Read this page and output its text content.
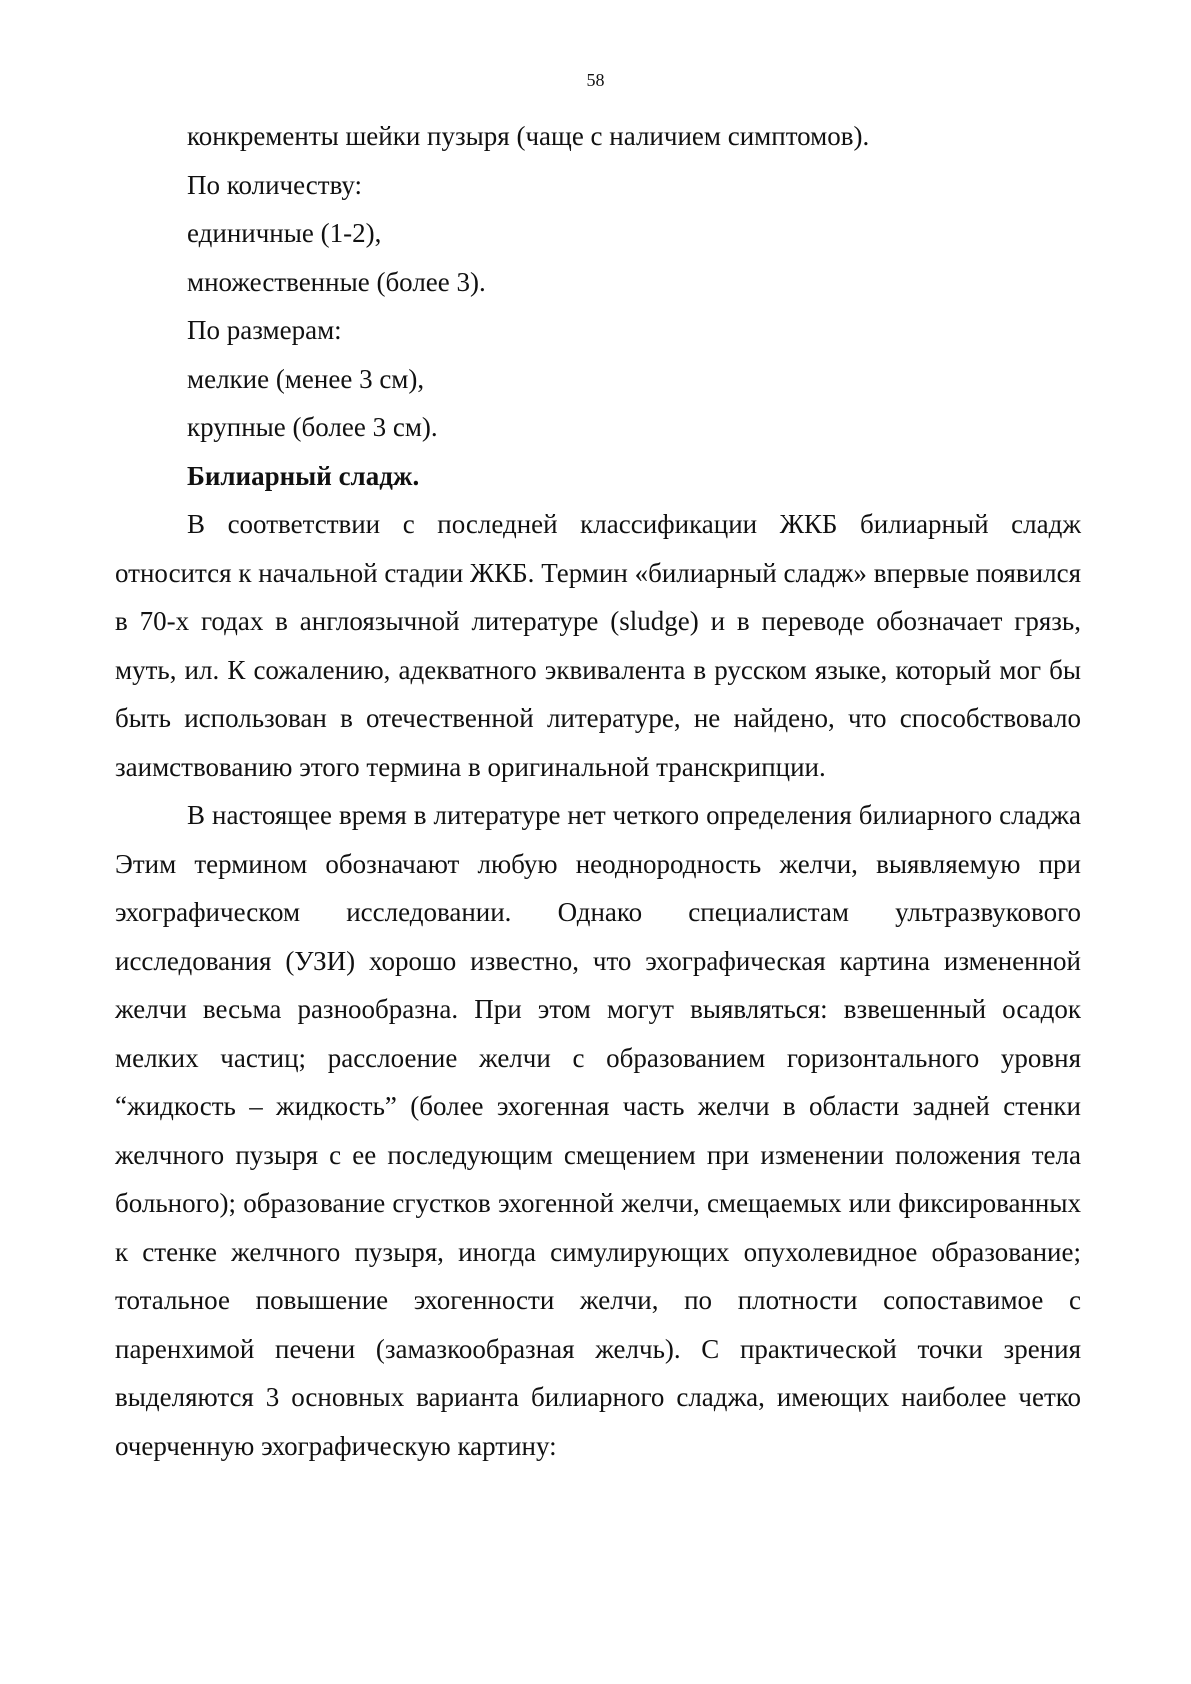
58

конкременты шейки пузыря (чаще с наличием симптомов).

По количеству:

единичные (1-2),

множественные (более 3).

По размерам:

мелкие (менее 3 см),

крупные (более 3 см).

Билиарный сладж.

В соответствии с последней классификации ЖКБ билиарный сладж относится к начальной стадии ЖКБ. Термин «билиарный сладж» впервые появился в 70-х годах в англоязычной литературе (sludge) и в переводе обозначает грязь, муть, ил. К сожалению, адекватного эквивалента в русском языке, который мог бы быть использован в отечественной литературе, не найдено, что способствовало заимствованию этого термина в оригинальной транскрипции.

В настоящее время в литературе нет четкого определения билиарного сладжа Этим термином обозначают любую неоднородность желчи, выявляемую при эхографическом исследовании. Однако специалистам ультразвукового исследования (УЗИ) хорошо известно, что эхографическая картина измененной желчи весьма разнообразна. При этом могут выявляться: взвешенный осадок мелких частиц; расслоение желчи с образованием горизонтального уровня “жидкость – жидкость” (более эхогенная часть желчи в области задней стенки желчного пузыря с ее последующим смещением при изменении положения тела больного); образование сгустков эхогенной желчи, смещаемых или фиксированных к стенке желчного пузыря, иногда симулирующих опухолевидное образование; тотальное повышение эхогенности желчи, по плотности сопоставимое с паренхимой печени (замазкообразная желчь). С практической точки зрения выделяются 3 основных варианта билиарного сладжа, имеющих наиболее четко очерченную эхографическую картину:
